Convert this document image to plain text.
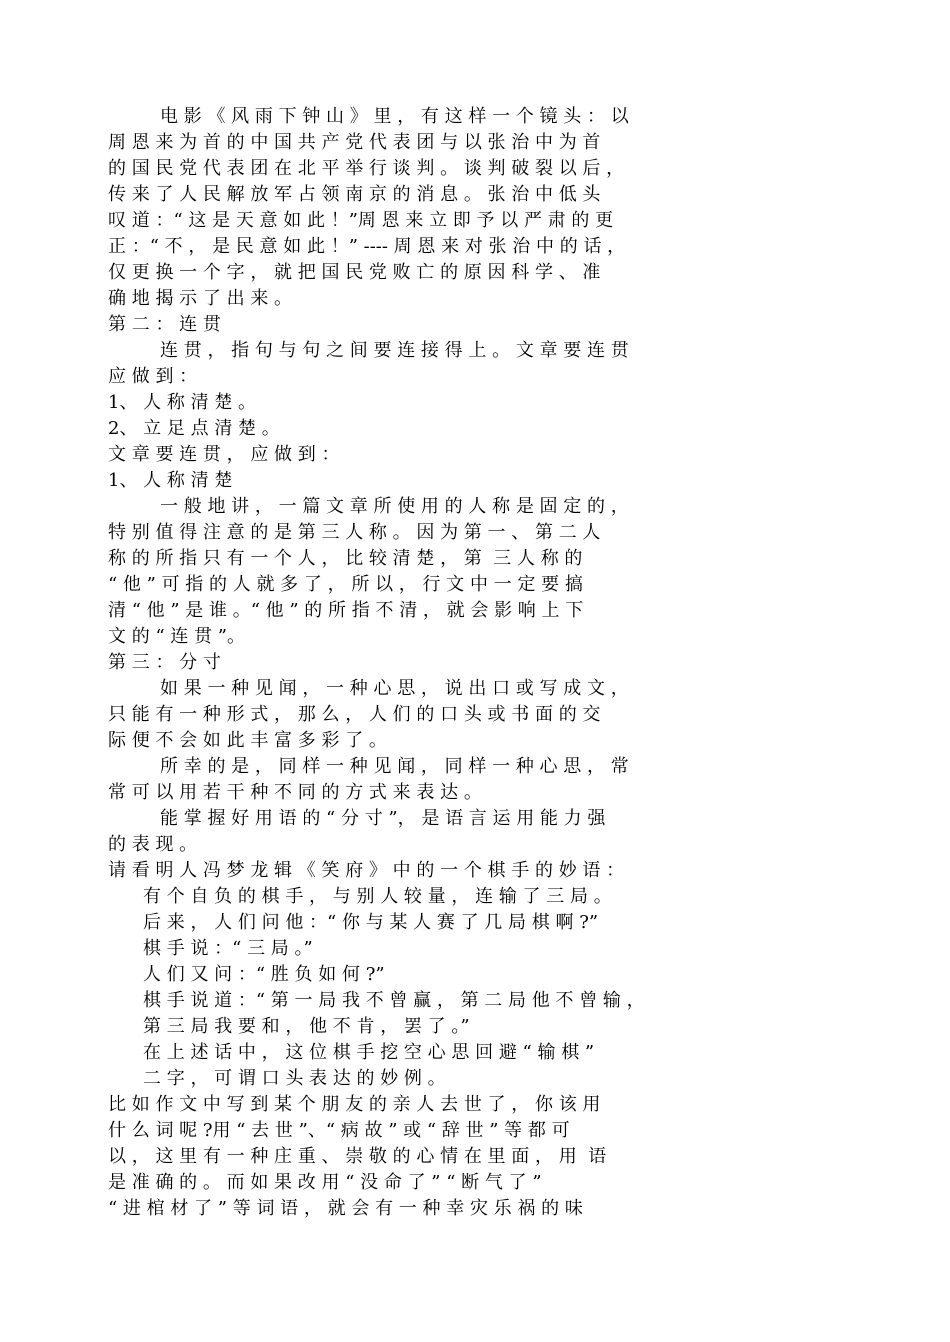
电 影 《 风 雨 下 钟 山 》 里 ， 有 这 样 一 个 镜 头 ： 以
周 恩 来 为 首 的 中 国 共 产 党 代 表 团 与 以 张 治 中 为 首
的 国 民 党 代 表 团 在 北 平 举 行 谈 判 。 谈 判 破 裂 以 后 ，
传 来 了 人 民 解 放 军 占 领 南 京 的 消 息 。 张 治 中 低 头
叹 道 ：“ 这 是 天 意 如 此 ！”周 恩 来 立 即 予 以 严 肃 的 更
正 ：“ 不 ， 是 民 意 如 此 ！” ---- 周 恩 来 对 张 治 中 的 话 ，
仅 更 换 一 个 字 ， 就 把 国 民 党 败 亡 的 原 因 科 学 、 准
确 地 揭 示 了 出 来 。
第 二 ： 连 贯
连 贯 ， 指 句 与 句 之 间 要 连 接 得 上 。 文 章 要 连 贯
应 做 到 ：
1、 人 称 清 楚 。
2、 立 足 点 清 楚 。
文 章 要 连 贯 ， 应 做 到 ：
1、 人 称 清 楚
一 般 地 讲 ， 一 篇 文 章 所 使 用 的 人 称 是 固 定 的 ，
特 别 值 得 注 意 的 是 第 三 人 称 。 因 为 第 一 、 第 二 人
称 的 所 指 只 有 一 个 人 ， 比 较 清 楚 ， 第  三 人 称 的
“ 他 ” 可 指 的 人 就 多 了 ， 所 以 ， 行 文 中 一 定 要 搞
清 “ 他 ” 是 谁 。“ 他 ” 的 所 指 不 清 ， 就 会 影 响 上 下
文 的 “ 连 贯 ”。
第 三 ： 分 寸
如 果 一 种 见 闻 ， 一 种 心 思 ， 说 出 口 或 写 成 文 ，
只 能 有 一 种 形 式 ， 那 么 ， 人 们 的 口 头 或 书 面 的 交
际 便 不 会 如 此 丰 富 多 彩 了 。
所 幸 的 是 ， 同 样 一 种 见 闻 ， 同 样 一 种 心 思 ， 常
常 可 以 用 若 干 种 不 同 的 方 式 来 表 达 。
能 掌 握 好 用 语 的 “ 分 寸 ”， 是 语 言 运 用 能 力 强
的 表 现 。
请 看 明 人 冯 梦 龙 辑 《 笑 府 》 中 的 一 个 棋 手 的 妙 语 ：
有 个 自 负 的 棋 手 ， 与 别 人 较 量 ， 连 输 了 三 局 。
后 来 ， 人 们 问 他 ：“ 你 与 某 人 赛 了 几 局 棋 啊 ?”
棋 手 说 ：“ 三 局 。”
人 们 又 问 ：“ 胜 负 如 何 ?”
棋 手 说 道 ：“ 第 一 局 我 不 曾 赢 ， 第 二 局 他 不 曾 输 ，
第 三 局 我 要 和 ， 他 不 肯 ， 罢 了 。”
在 上 述 话 中 ， 这 位 棋 手 挖 空 心 思 回 避 “ 输 棋 ”
二 字 ， 可 谓 口 头 表 达 的 妙 例 。
比 如 作 文 中 写 到 某 个 朋 友 的 亲 人 去 世 了 ， 你 该 用
什 么 词 呢 ?用 “ 去 世 ”、“ 病 故 ” 或 “ 辞 世 ” 等 都 可
以 ， 这 里 有 一 种 庄 重 、 崇 敬 的 心 情 在 里 面 ， 用  语
是 准 确 的 。 而 如 果 改 用 “ 没 命 了 ” “ 断 气 了 ”
“ 进 棺 材 了 ” 等 词 语 ， 就 会 有 一 种 幸 灾 乐 祸 的 味
